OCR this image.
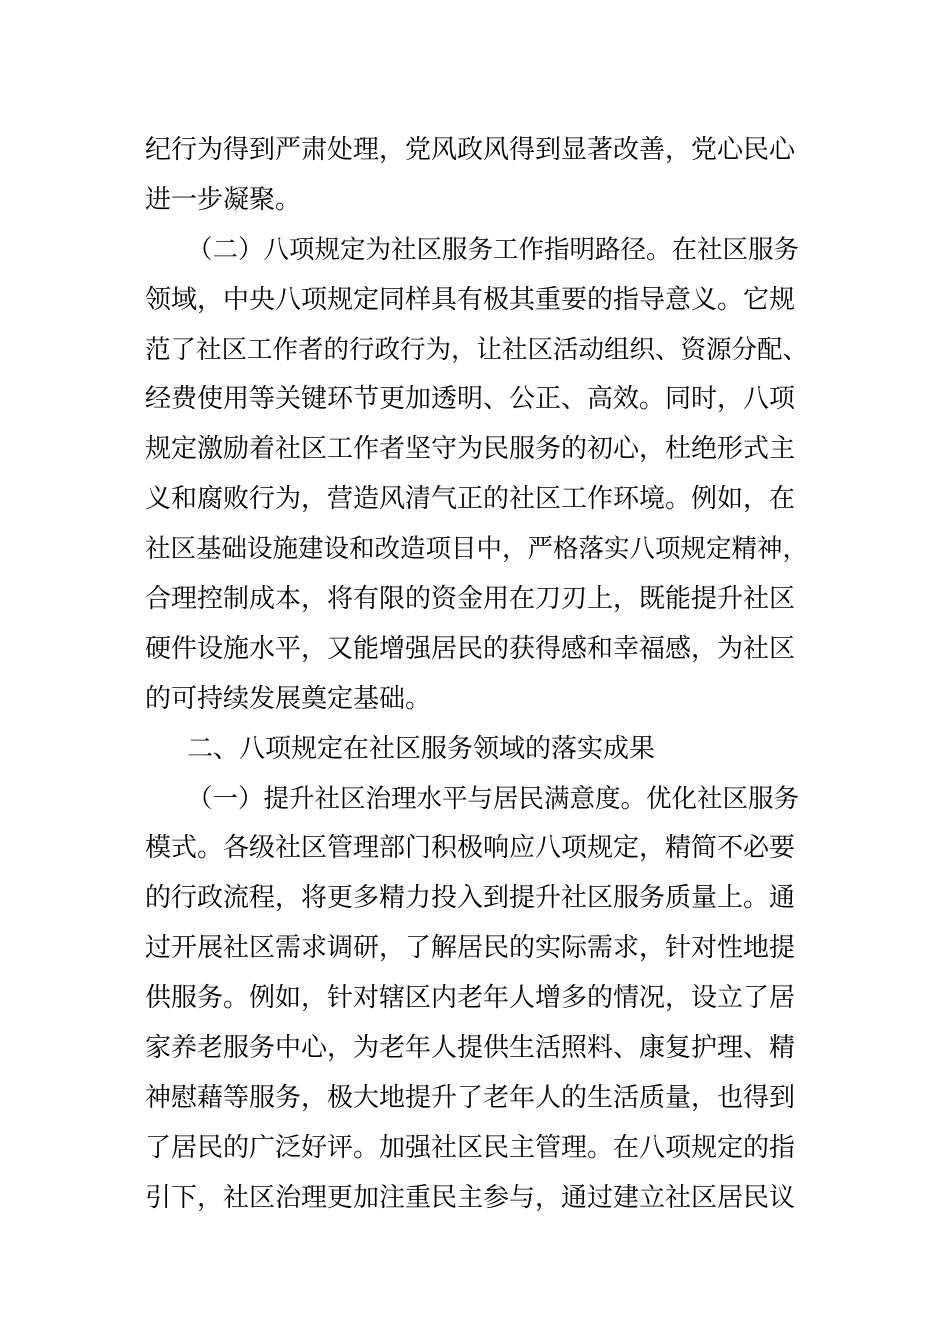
纪行为得到严肃处理，党风政风得到显著改善，党心民心
进一步凝聚。
（二）八项规定为社区服务工作指明路径。在社区服务
领域，中央八项规定同样具有极其重要的指导意义。它规
范了社区工作者的行政行为，让社区活动组织、资源分配、
经费使用等关键环节更加透明、公正、高效。同时，八项
规定激励着社区工作者坚守为民服务的初心，杜绝形式主
义和腐败行为，营造风清气正的社区工作环境。例如，在
社区基础设施建设和改造项目中，严格落实八项规定精神，
合理控制成本，将有限的资金用在刀刃上，既能提升社区
硬件设施水平，又能增强居民的获得感和幸福感，为社区
的可持续发展奠定基础。
二、八项规定在社区服务领域的落实成果
（一）提升社区治理水平与居民满意度。优化社区服务
模式。各级社区管理部门积极响应八项规定，精简不必要
的行政流程，将更多精力投入到提升社区服务质量上。通
过开展社区需求调研，了解居民的实际需求，针对性地提
供服务。例如，针对辖区内老年人增多的情况，设立了居
家养老服务中心，为老年人提供生活照料、康复护理、精
神慰藉等服务，极大地提升了老年人的生活质量，也得到
了居民的广泛好评。加强社区民主管理。在八项规定的指
引下，社区治理更加注重民主参与，通过建立社区居民议
